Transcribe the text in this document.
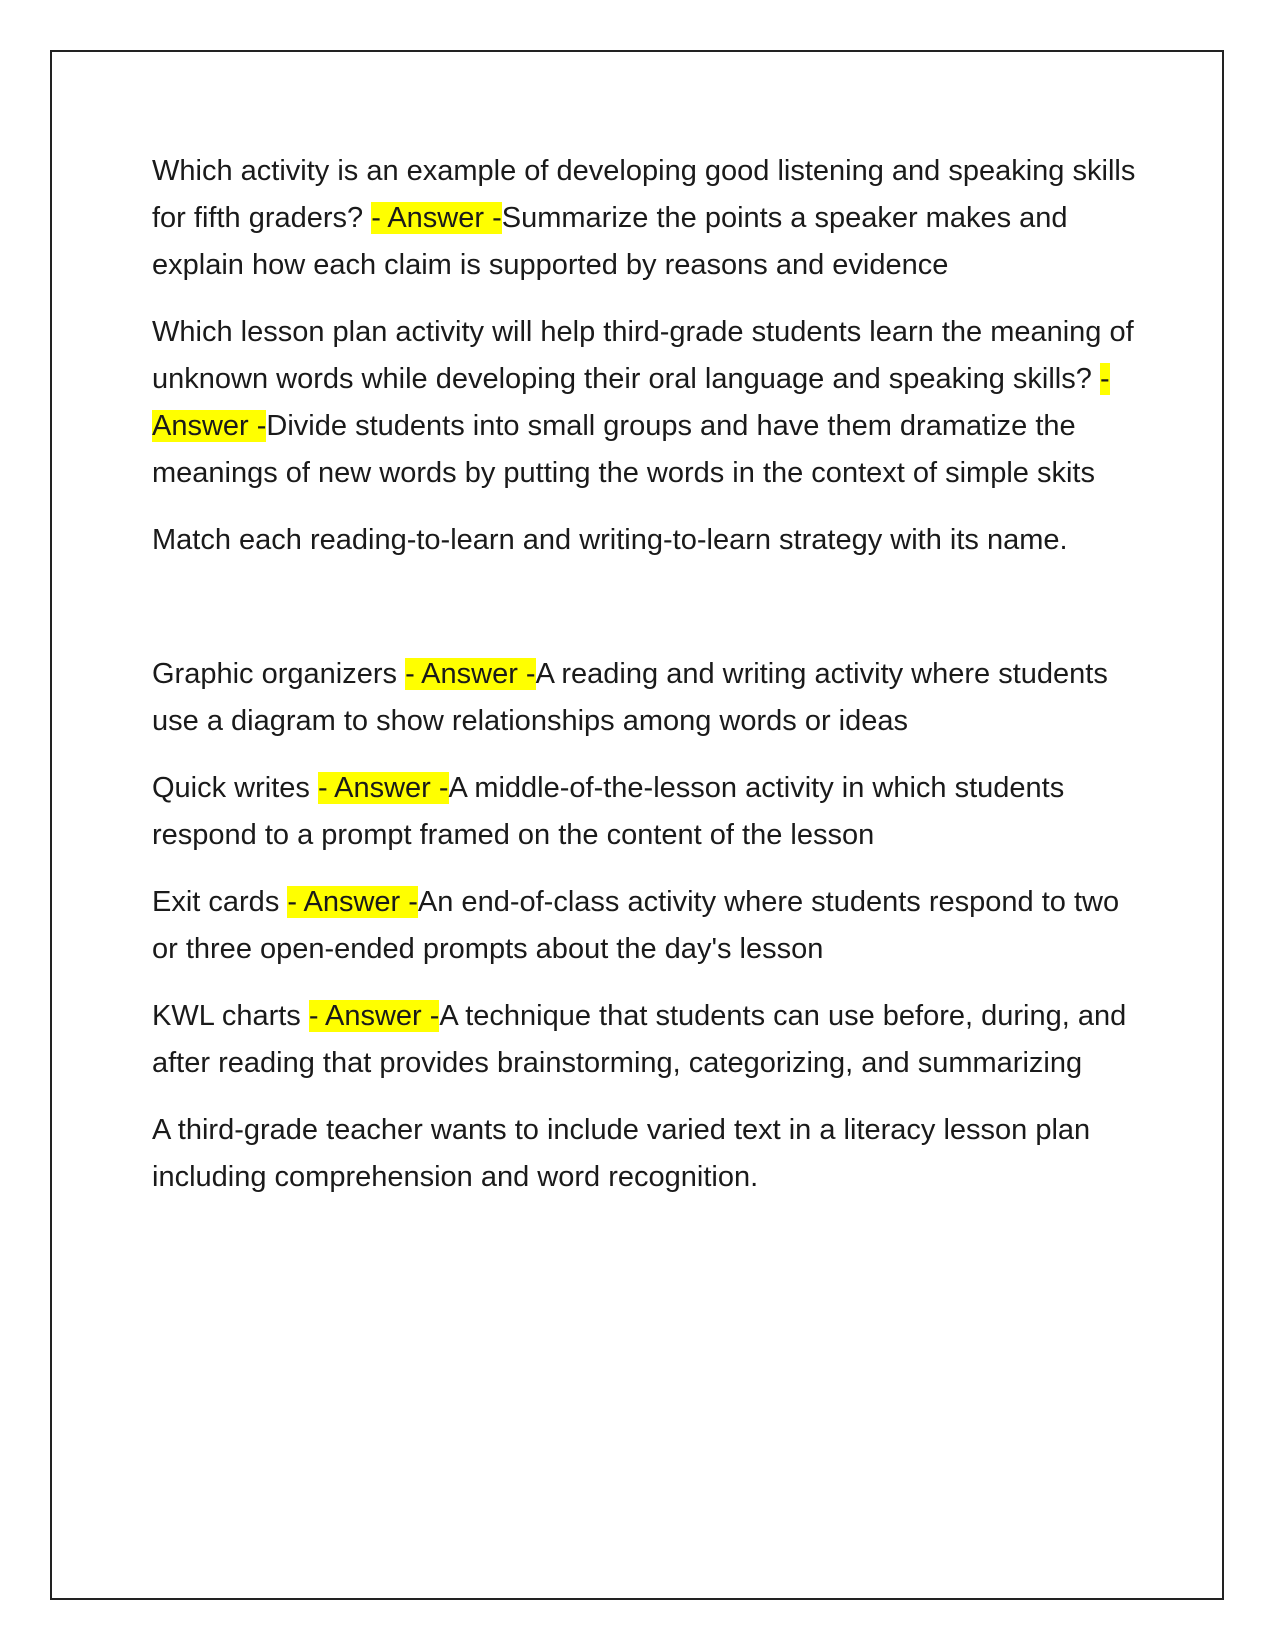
Which activity is an example of developing good listening and speaking skills for fifth graders? - Answer -Summarize the points a speaker makes and explain how each claim is supported by reasons and evidence

Which lesson plan activity will help third-grade students learn the meaning of unknown words while developing their oral language and speaking skills? - Answer -Divide students into small groups and have them dramatize the meanings of new words by putting the words in the context of simple skits

Match each reading-to-learn and writing-to-learn strategy with its name.

Graphic organizers - Answer -A reading and writing activity where students use a diagram to show relationships among words or ideas

Quick writes - Answer -A middle-of-the-lesson activity in which students respond to a prompt framed on the content of the lesson

Exit cards - Answer -An end-of-class activity where students respond to two or three open-ended prompts about the day's lesson

KWL charts - Answer -A technique that students can use before, during, and after reading that provides brainstorming, categorizing, and summarizing

A third-grade teacher wants to include varied text in a literacy lesson plan including comprehension and word recognition.
